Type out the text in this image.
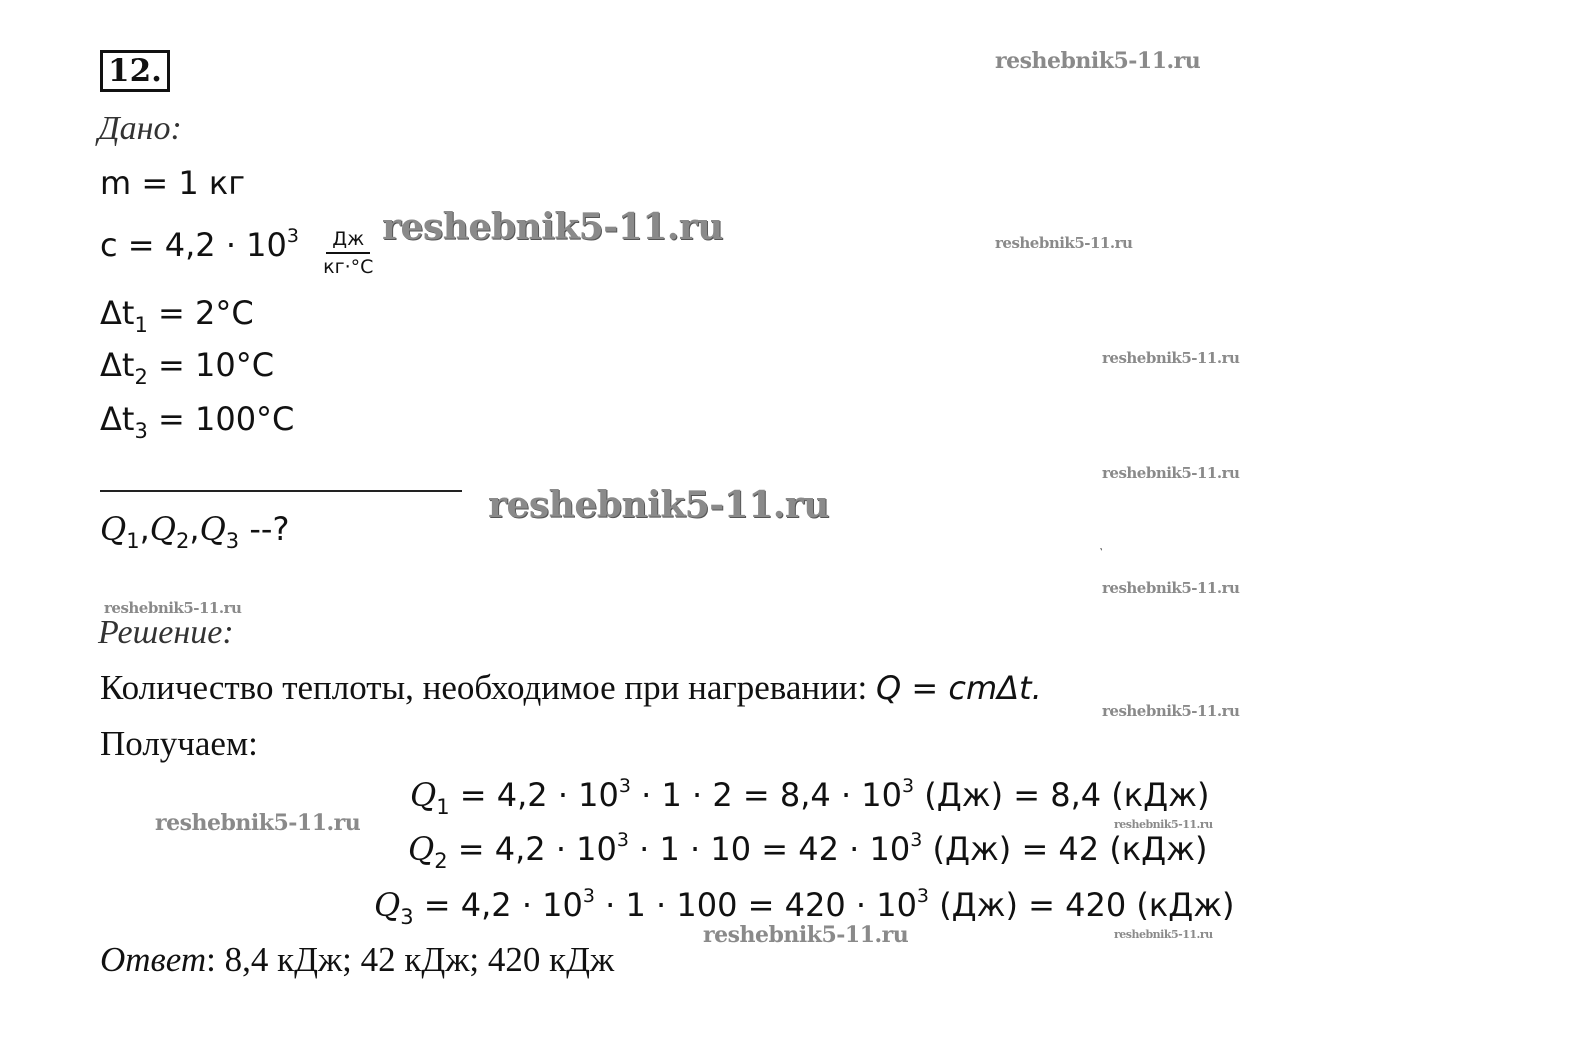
12.
Дано:
m = 1 кг
$c = 4,2 \cdot 10^3 \frac{Дж}{кг\cdot^\circ C}$
$\Delta t_1 = 2^\circ C$
$\Delta t_2 = 10^\circ C$
$\Delta t_3 = 100^\circ C$
$Q_1,Q_2,Q_3$ --?
Решение:
Количество теплоты, необходимое при нагревании: Q = cmΔt.
Получаем:
$Q_1 = 4,2 \cdot 10^3 \cdot 1 \cdot 2 = 8,4 \cdot 10^3$ (Дж) = 8,4 (кДж)
$Q_2 = 4,2 \cdot 10^3 \cdot 1 \cdot 10 = 42 \cdot 10^3$ (Дж) = 42 (кДж)
$Q_3 = 4,2 \cdot 10^3 \cdot 1 \cdot 100 = 420 \cdot 10^3$ (Дж) = 420 (кДж)
Ответ: 8,4 кДж; 42 кДж; 420 кДж
reshebnik5-11.ru
reshebnik5-11.ru	reshebnik5-11.ru
reshebnik5-11.ru
reshebnik5-11.ru
reshebnik5-11.ru
˺
reshebnik5-11.ru
reshebnik5-11.ru
reshebnik5-11.ru
reshebnik5-11.ru	reshebnik5-11.ru
reshebnik5-11.ru	reshebnik5-11.ru
